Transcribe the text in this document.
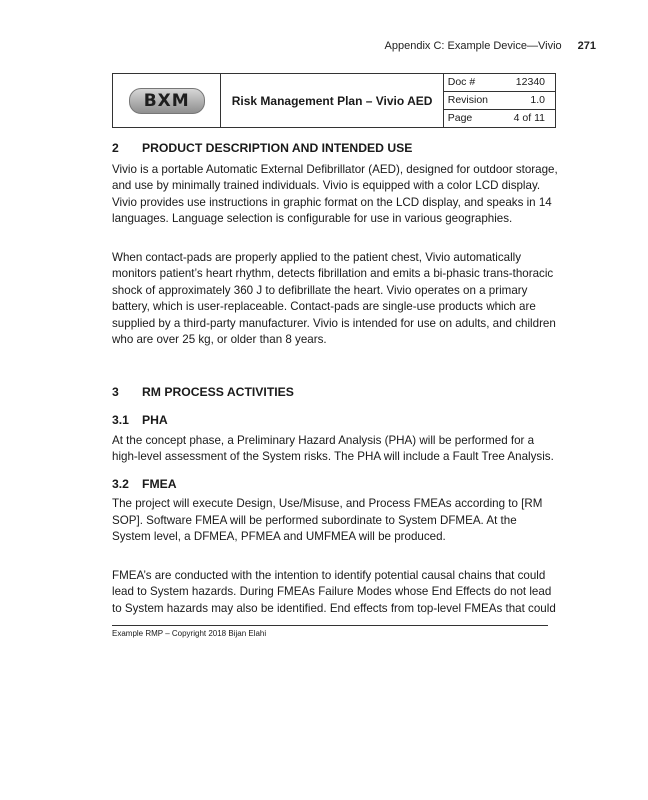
Appendix C: Example Device—Vivio 271
BXM	Risk Management Plan – Vivio AED	
Doc #	12340
Revision	1.0
Page	4 of 11
2	PRODUCT DESCRIPTION AND INTENDED USE

Vivio is a portable Automatic External Defibrillator (AED), designed for outdoor storage, and use by minimally trained individuals. Vivio is equipped with a color LCD display. Vivio provides use instructions in graphic format on the LCD display, and speaks in 14 languages. Language selection is configurable for use in various geographies.

When contact-pads are properly applied to the patient chest, Vivio automatically monitors patient’s heart rhythm, detects fibrillation and emits a bi-phasic trans-thoracic shock of approximately 360 J to defibrillate the heart. Vivio operates on a primary battery, which is user-replaceable. Contact-pads are single-use products which are supplied by a third-party manufacturer. Vivio is intended for use on adults, and children who are over 25 kg, or older than 8 years.

3	RM PROCESS ACTIVITIES
3.1	PHA

At the concept phase, a Preliminary Hazard Analysis (PHA) will be performed for a high-level assessment of the System risks. The PHA will include a Fault Tree Analysis.

3.2	FMEA

The project will execute Design, Use/Misuse, and Process FMEAs according to [RM SOP]. Software FMEA will be performed subordinate to System DFMEA. At the System level, a DFMEA, PFMEA and UMFMEA will be produced.

FMEA’s are conducted with the intention to identify potential causal chains that could lead to System hazards. During FMEAs Failure Modes whose End Effects do not lead to System hazards may also be identified. End effects from top-level FMEAs that could

Example RMP – Copyright 2018 Bijan Elahi
